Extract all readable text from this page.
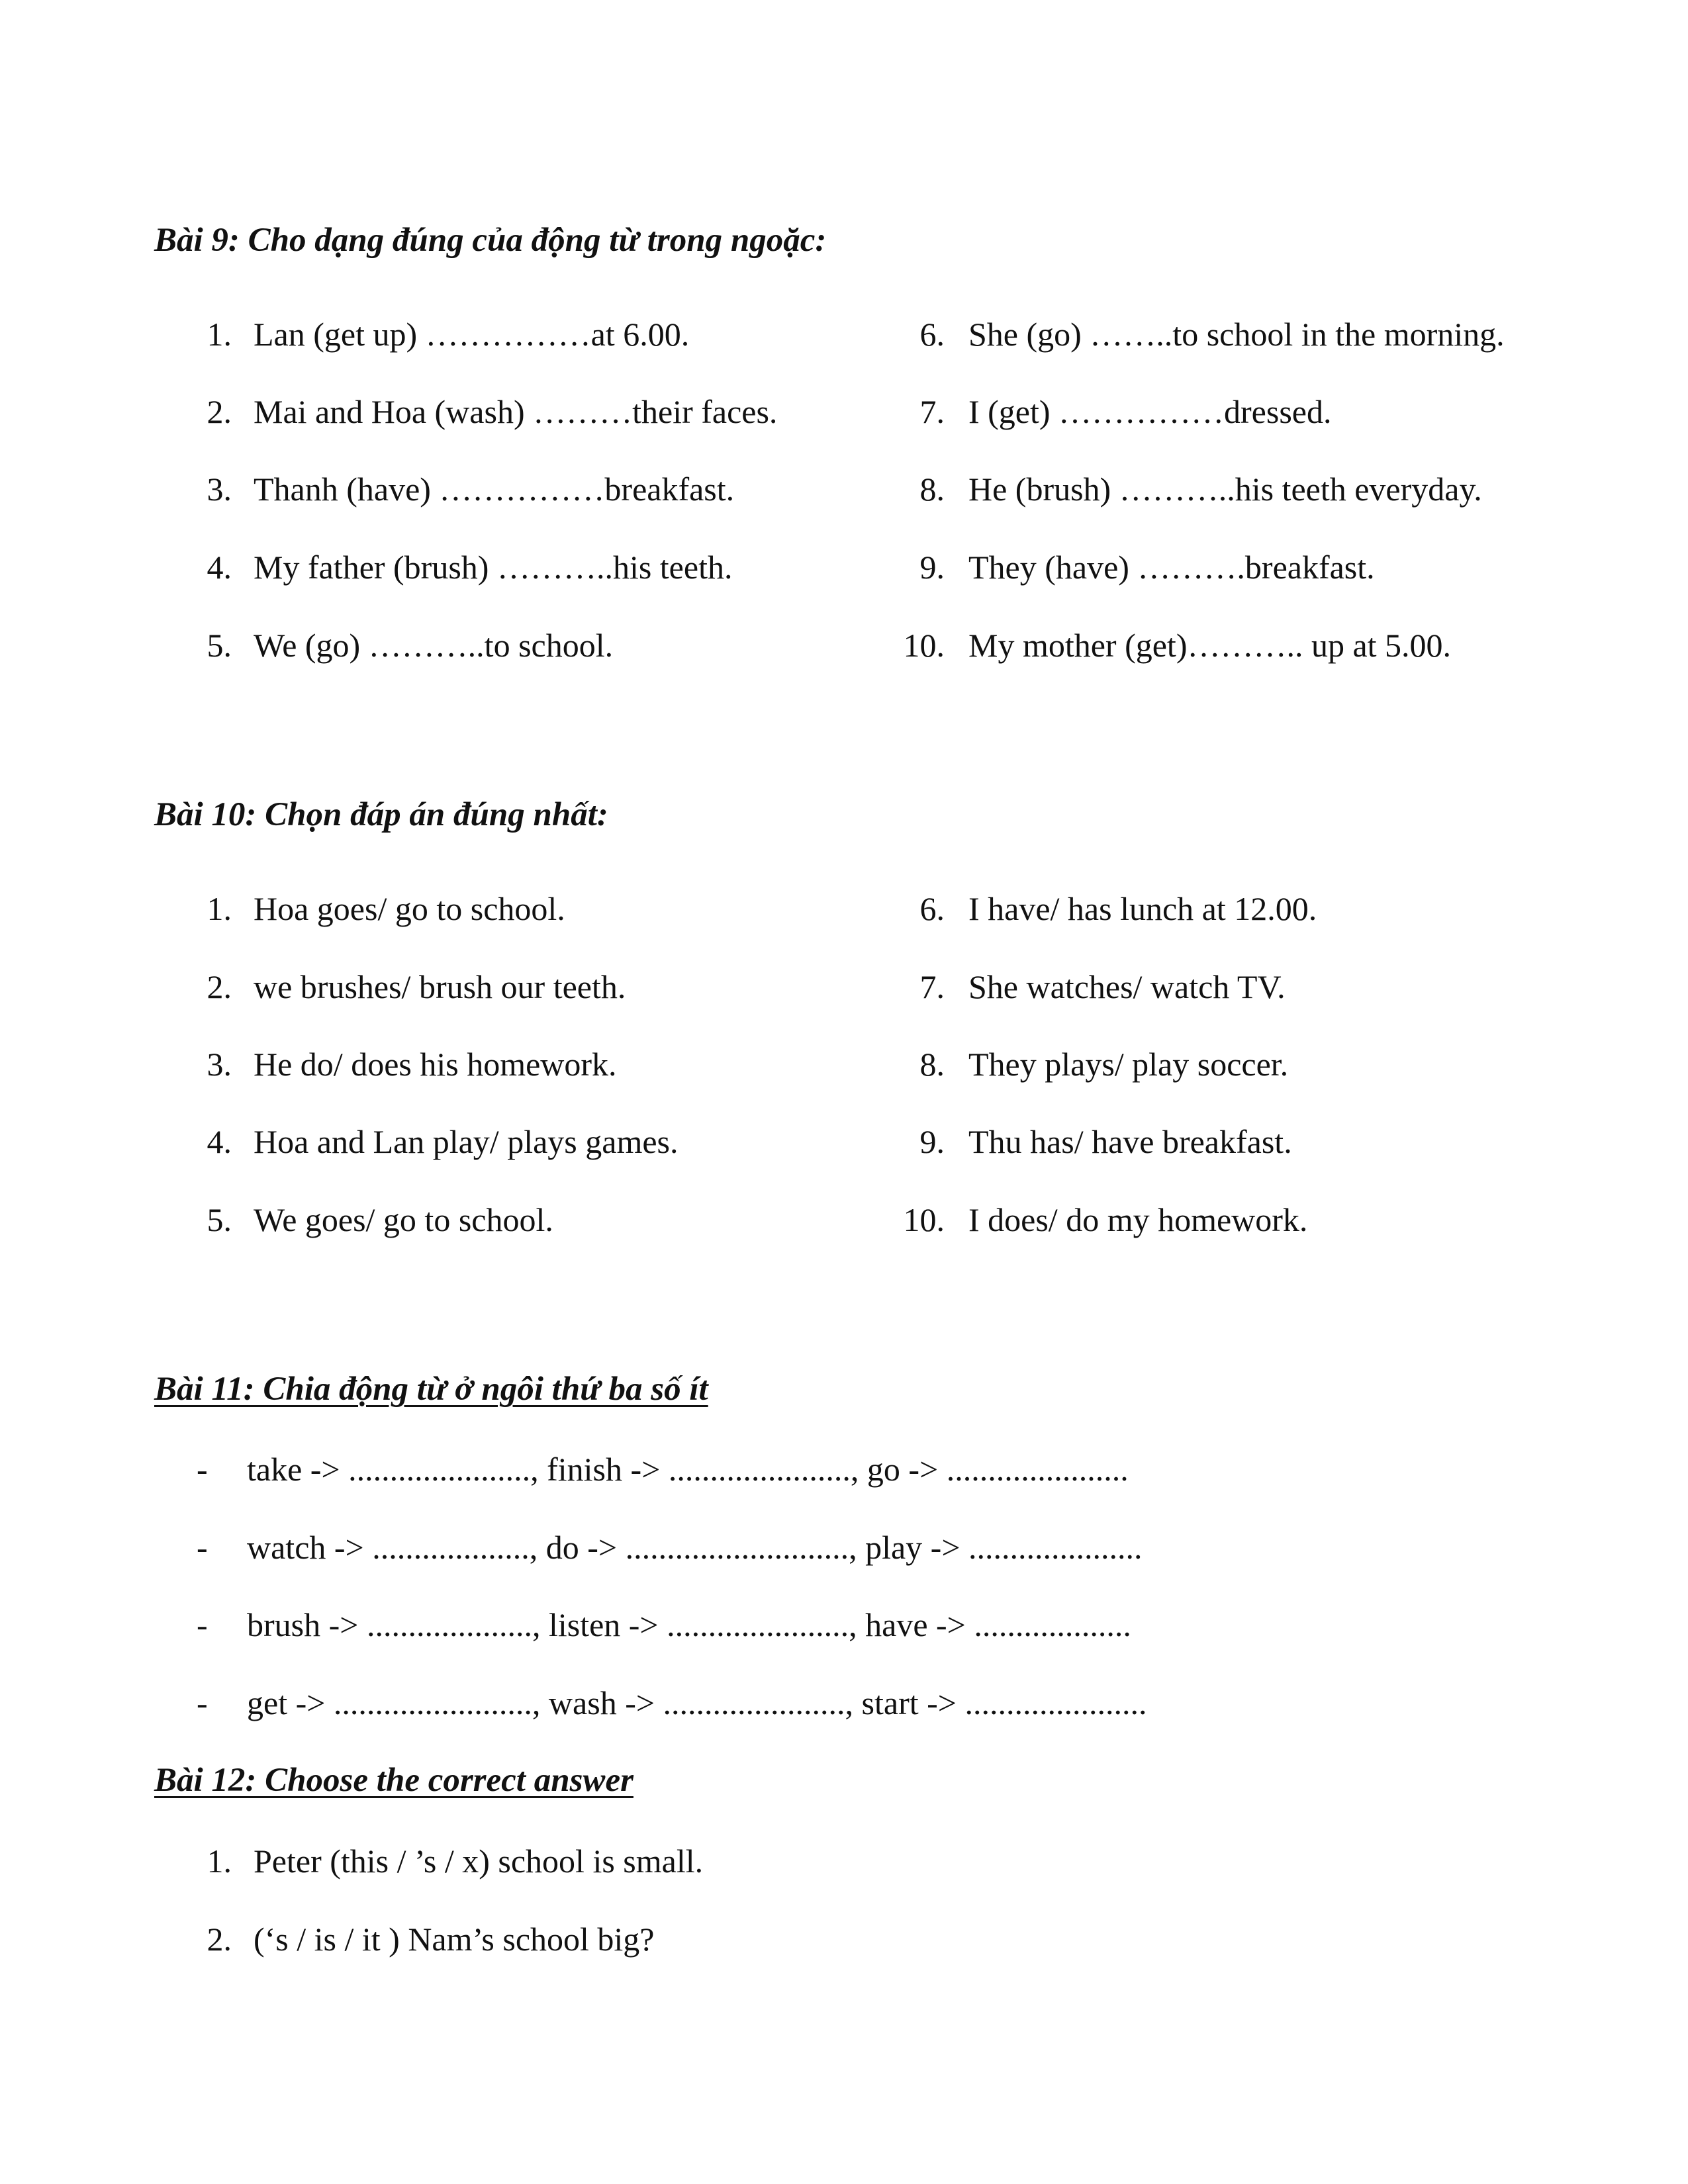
Bài 9: Cho dạng đúng của động từ trong ngoặc:
1. Lan (get up) ……………at 6.00.
2. Mai and Hoa (wash) ………their faces.
3. Thanh (have) ……………breakfast.
4. My father (brush) ………..his teeth.
5. We (go) ………..to school.
6. She (go) ……..to school in the morning.
7. I (get) ……………dressed.
8. He (brush) ………..his teeth everyday.
9. They (have) ……….breakfast.
10. My mother (get)……….. up at 5.00.
Bài 10: Chọn đáp án đúng nhất:
1. Hoa goes/ go to school.
2. we brushes/ brush our teeth.
3. He do/ does his homework.
4. Hoa and Lan play/ plays games.
5. We goes/ go to school.
6. I have/ has lunch at 12.00.
7. She watches/ watch TV.
8. They plays/ play soccer.
9. Thu has/ have breakfast.
10. I does/ do my homework.
Bài 11: Chia động từ ở ngôi thứ ba số ít
- take -> ......................, finish -> ......................, go -> ......................
- watch -> ..................., do -> ..........................., play -> .....................
- brush -> ...................., listen -> ......................, have -> ...................
- get -> ........................, wash -> ......................, start -> ......................
Bài 12: Choose the correct answer
1. Peter (this / ’s / x) school is small.
2. (‘s / is / it ) Nam’s school big?
